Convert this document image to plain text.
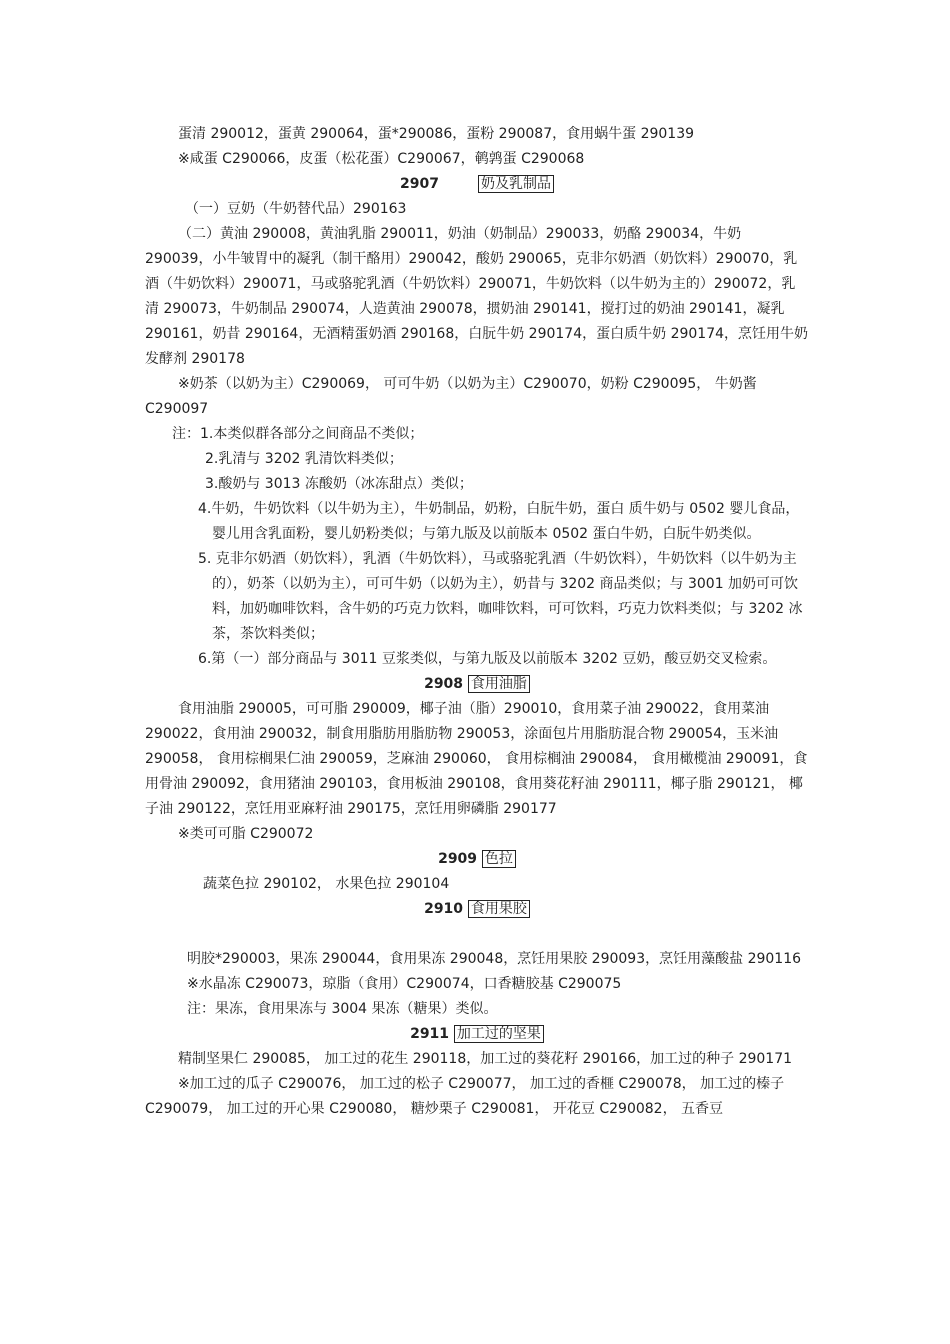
蛋清 290012，蛋黄 290064，蛋*290086，蛋粉 290087，食用蜗牛蛋 290139

※咸蛋 C290066，皮蛋（松花蛋）C290067，鹌鹑蛋 C290068

2907	奶及乳制品

（一）豆奶（牛奶替代品）290163

（二）黄油 290008，黄油乳脂 290011，奶油（奶制品）290033，奶酪 290034，牛奶 290039，小牛皱胃中的凝乳（制干酪用）290042，酸奶 290065，克非尔奶酒（奶饮料）290070，乳酒（牛奶饮料）290071，马或骆驼乳酒（牛奶饮料）290071，牛奶饮料（以牛奶为主的）290072，乳清 290073，牛奶制品 290074，人造黄油 290078，掼奶油 290141，搅打过的奶油 290141，凝乳 290161，奶昔 290164，无酒精蛋奶酒 290168，白朊牛奶 290174，蛋白质牛奶 290174，烹饪用牛奶发酵剂 290178

※奶茶（以奶为主）C290069， 可可牛奶（以奶为主）C290070，奶粉 C290095， 牛奶酱 C290097

注：1.本类似群各部分之间商品不类似；

2.乳清与 3202 乳清饮料类似；

3.酸奶与 3013 冻酸奶（冰冻甜点）类似；

4.牛奶，牛奶饮料（以牛奶为主），牛奶制品，奶粉，白朊牛奶，蛋白 质牛奶与 0502 婴儿食品，婴儿用含乳面粉，婴儿奶粉类似；与第九版及以前版本 0502 蛋白牛奶，白朊牛奶类似。

5. 克非尔奶酒（奶饮料），乳酒（牛奶饮料），马或骆驼乳酒（牛奶饮料），牛奶饮料（以牛奶为主的），奶茶（以奶为主），可可牛奶（以奶为主），奶昔与 3202 商品类似；与 3001 加奶可可饮料，加奶咖啡饮料，含牛奶的巧克力饮料，咖啡饮料，可可饮料，巧克力饮料类似；与 3202 冰茶，茶饮料类似；

6.第（一）部分商品与 3011 豆浆类似，与第九版及以前版本 3202 豆奶，酸豆奶交叉检索。

2908 食用油脂

食用油脂 290005，可可脂 290009，椰子油（脂）290010，食用菜子油 290022，食用菜油 290022，食用油 290032，制食用脂肪用脂肪物 290053，涂面包片用脂肪混合物 290054，玉米油 290058， 食用棕榈果仁油 290059，芝麻油 290060， 食用棕榈油 290084， 食用橄榄油 290091，食用骨油 290092，食用猪油 290103，食用板油 290108，食用葵花籽油 290111，椰子脂 290121， 椰子油 290122，烹饪用亚麻籽油 290175，烹饪用卵磷脂 290177

※类可可脂 C290072

2909 色拉

蔬菜色拉 290102， 水果色拉 290104

2910 食用果胶

明胶*290003，果冻 290044，食用果冻 290048，烹饪用果胶 290093，烹饪用藻酸盐 290116

※水晶冻 C290073，琼脂（食用）C290074，口香糖胶基 C290075

注：果冻，食用果冻与 3004 果冻（糖果）类似。

2911 加工过的坚果

精制坚果仁 290085， 加工过的花生 290118，加工过的葵花籽 290166，加工过的种子 290171

※加工过的瓜子 C290076， 加工过的松子 C290077， 加工过的香榧 C290078， 加工过的榛子 C290079， 加工过的开心果 C290080， 糖炒栗子 C290081， 开花豆 C290082， 五香豆
